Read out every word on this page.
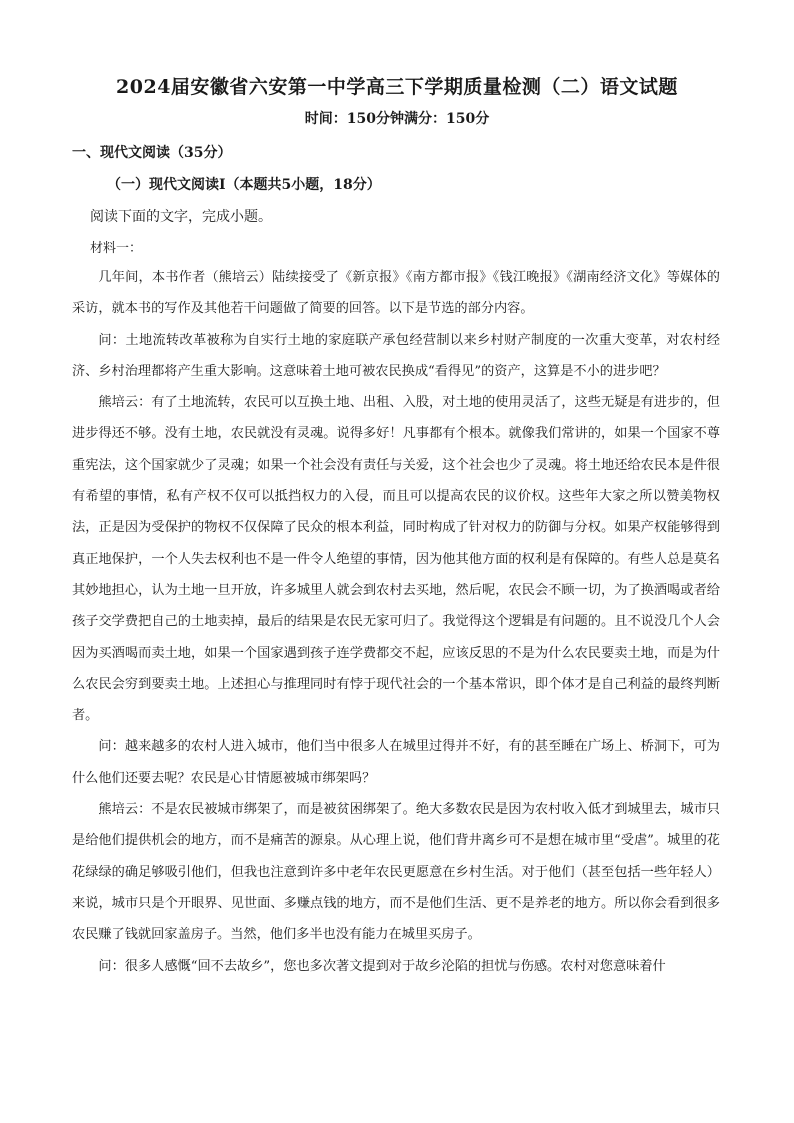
2024届安徽省六安第一中学高三下学期质量检测（二）语文试题
时间：150分钟满分：150分
一、现代文阅读（35分）
（一）现代文阅读Ⅰ（本题共5小题，18分）
阅读下面的文字，完成小题。
材料一：

几年间，本书作者（熊培云）陆续接受了《新京报》《南方都市报》《钱江晚报》《湖南经济文化》等媒体的采访，就本书的写作及其他若干问题做了简要的回答。以下是节选的部分内容。

问：土地流转改革被称为自实行土地的家庭联产承包经营制以来乡村财产制度的一次重大变革，对农村经济、乡村治理都将产生重大影响。这意味着土地可被农民换成“看得见”的资产，这算是不小的进步吧？

熊培云：有了土地流转，农民可以互换土地、出租、入股，对土地的使用灵活了，这些无疑是有进步的，但进步得还不够。没有土地，农民就没有灵魂。说得多好！凡事都有个根本。就像我们常讲的，如果一个国家不尊重宪法，这个国家就少了灵魂；如果一个社会没有责任与关爱，这个社会也少了灵魂。将土地还给农民本是件很有希望的事情，私有产权不仅可以抵挡权力的入侵，而且可以提高农民的议价权。这些年大家之所以赞美物权法，正是因为受保护的物权不仅保障了民众的根本利益，同时构成了针对权力的防御与分权。如果产权能够得到真正地保护，一个人失去权利也不是一件令人绝望的事情，因为他其他方面的权利是有保障的。有些人总是莫名其妙地担心，认为土地一旦开放，许多城里人就会到农村去买地，然后呢，农民会不顾一切，为了换酒喝或者给孩子交学费把自己的土地卖掉，最后的结果是农民无家可归了。我觉得这个逻辑是有问题的。且不说没几个人会因为买酒喝而卖土地，如果一个国家遇到孩子连学费都交不起，应该反思的不是为什么农民要卖土地，而是为什么农民会穷到要卖土地。上述担心与推理同时有悖于现代社会的一个基本常识，即个体才是自己利益的最终判断者。

问：越来越多的农村人进入城市，他们当中很多人在城里过得并不好，有的甚至睡在广场上、桥洞下，可为什么他们还要去呢？农民是心甘情愿被城市绑架吗？

熊培云：不是农民被城市绑架了，而是被贫困绑架了。绝大多数农民是因为农村收入低才到城里去，城市只是给他们提供机会的地方，而不是痛苦的源泉。从心理上说，他们背井离乡可不是想在城市里“受虐”。城里的花花绿绿的确足够吸引他们，但我也注意到许多中老年农民更愿意在乡村生活。对于他们（甚至包括一些年轻人）来说，城市只是个开眼界、见世面、多赚点钱的地方，而不是他们生活、更不是养老的地方。所以你会看到很多农民赚了钱就回家盖房子。当然，他们多半也没有能力在城里买房子。

问：很多人感慨“回不去故乡”，您也多次著文提到对于故乡沦陷的担忧与伤感。农村对您意味着什
